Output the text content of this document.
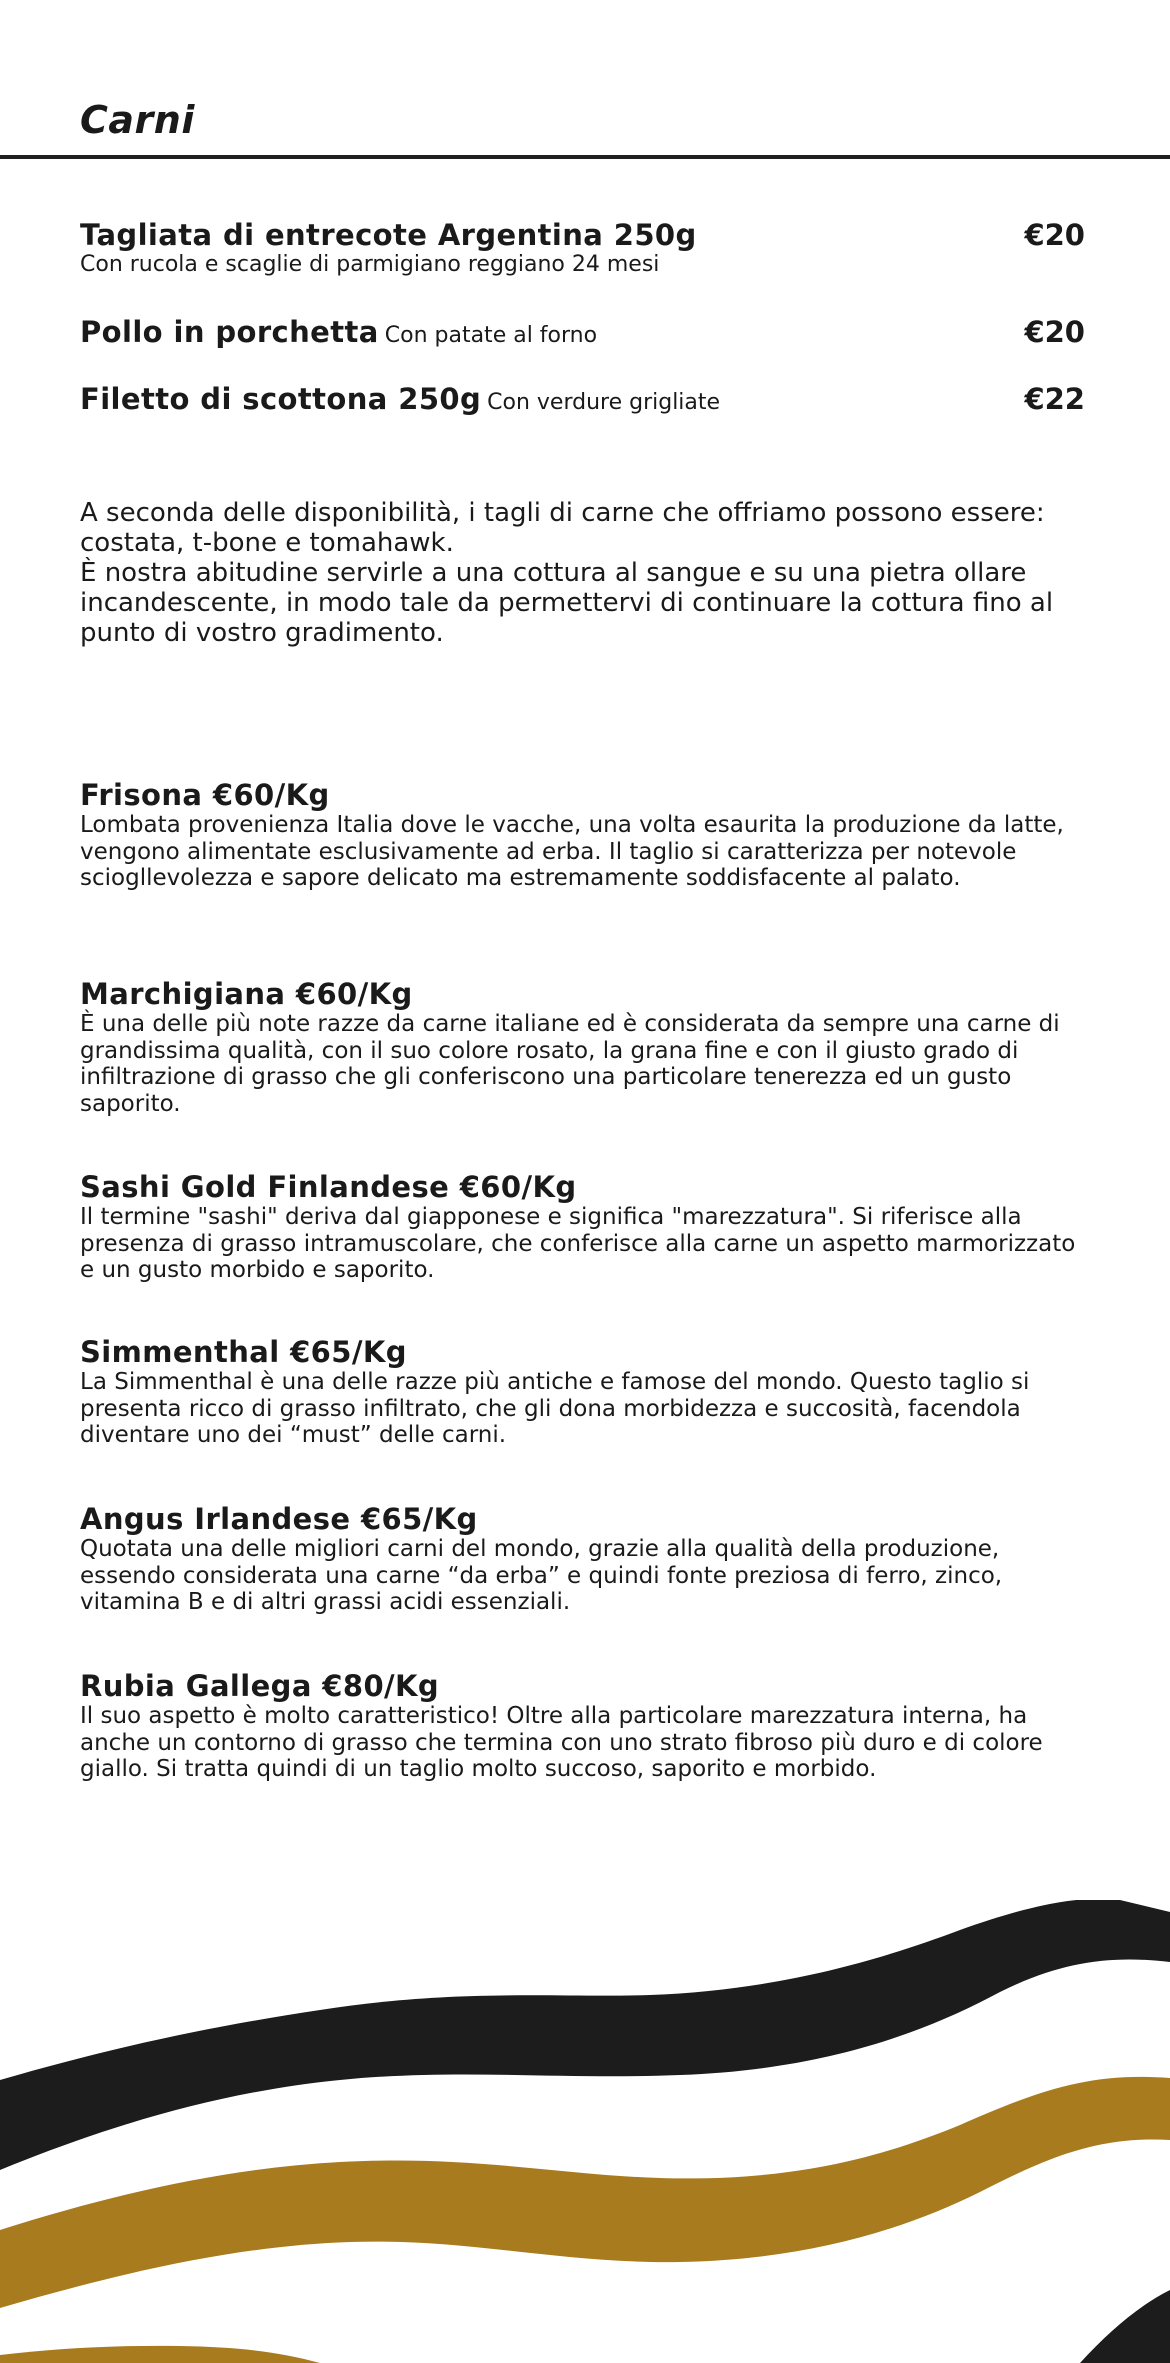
Carni
Tagliata di entrecote Argentina 250g	€20
Con rucola e scaglie di parmigiano reggiano 24 mesi
Pollo in porchetta Con patate al forno	€20
Filetto di scottona 250g Con verdure grigliate	€22

A seconda delle disponibilità, i tagli di carne che offriamo possono essere: costata, t-bone e tomahawk.

È nostra abitudine servirle a una cottura al sangue e su una pietra ollare incandescente, in modo tale da permettervi di continuare la cottura fino al punto di vostro gradimento.

Frisona €60/Kg

Lombata provenienza Italia dove le vacche, una volta esaurita la produzione da latte, vengono alimentate esclusivamente ad erba. Il taglio si caratterizza per notevole sciogllevolezza e sapore delicato ma estremamente soddisfacente al palato.

Marchigiana €60/Kg

È una delle più note razze da carne italiane ed è considerata da sempre una carne di grandissima qualità, con il suo colore rosato, la grana fine e con il giusto grado di infiltrazione di grasso che gli conferiscono una particolare tenerezza ed un gusto saporito.

Sashi Gold Finlandese €60/Kg

Il termine "sashi" deriva dal giapponese e significa "marezzatura". Si riferisce alla presenza di grasso intramuscolare, che conferisce alla carne un aspetto marmorizzato e un gusto morbido e saporito.

Simmenthal €65/Kg

La Simmenthal è una delle razze più antiche e famose del mondo. Questo taglio si presenta ricco di grasso infiltrato, che gli dona morbidezza e succosità, facendola diventare uno dei “must” delle carni.

Angus Irlandese €65/Kg

Quotata una delle migliori carni del mondo, grazie alla qualità della produzione, essendo considerata una carne “da erba” e quindi fonte preziosa di ferro, zinco, vitamina B e di altri grassi acidi essenziali.

Rubia Gallega €80/Kg

Il suo aspetto è molto caratteristico! Oltre alla particolare marezzatura interna, ha anche un contorno di grasso che termina con uno strato fibroso più duro e di colore giallo. Si tratta quindi di un taglio molto succoso, saporito e morbido.
